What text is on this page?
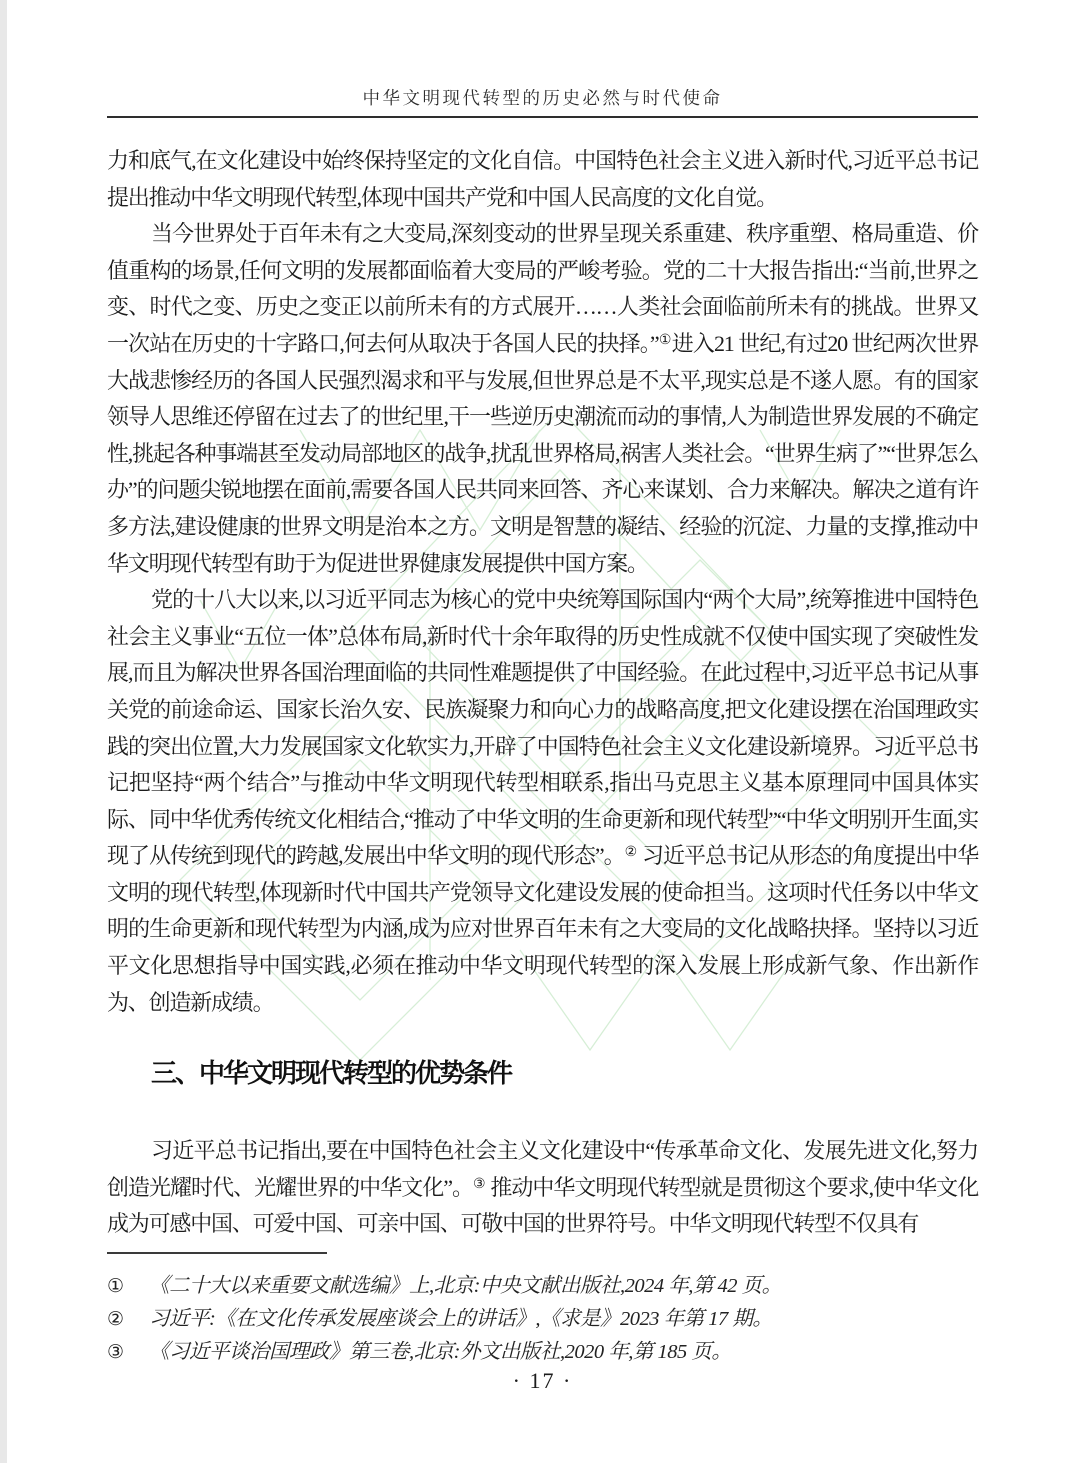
中华文明现代转型的历史必然与时代使命

力和底气,在文化建设中始终保持坚定的文化自信。中国特色社会主义进入新时代,习近平总书记提出推动中华文明现代转型,体现中国共产党和中国人民高度的文化自觉。

当今世界处于百年未有之大变局,深刻变动的世界呈现关系重建、秩序重塑、格局重造、价值重构的场景,任何文明的发展都面临着大变局的严峻考验。党的二十大报告指出:“当前,世界之变、时代之变、历史之变正以前所未有的方式展开……人类社会面临前所未有的挑战。世界又一次站在历史的十字路口,何去何从取决于各国人民的抉择。”①进入21 世纪,有过20 世纪两次世界大战悲惨经历的各国人民强烈渴求和平与发展,但世界总是不太平,现实总是不遂人愿。有的国家领导人思维还停留在过去了的世纪里,干一些逆历史潮流而动的事情,人为制造世界发展的不确定性,挑起各种事端甚至发动局部地区的战争,扰乱世界格局,祸害人类社会。“世界生病了”“世界怎么办”的问题尖锐地摆在面前,需要各国人民共同来回答、齐心来谋划、合力来解决。解决之道有许多方法,建设健康的世界文明是治本之方。文明是智慧的凝结、经验的沉淀、力量的支撑,推动中华文明现代转型有助于为促进世界健康发展提供中国方案。

党的十八大以来,以习近平同志为核心的党中央统筹国际国内“两个大局”,统筹推进中国特色社会主义事业“五位一体”总体布局,新时代十余年取得的历史性成就不仅使中国实现了突破性发展,而且为解决世界各国治理面临的共同性难题提供了中国经验。在此过程中,习近平总书记从事关党的前途命运、国家长治久安、民族凝聚力和向心力的战略高度,把文化建设摆在治国理政实践的突出位置,大力发展国家文化软实力,开辟了中国特色社会主义文化建设新境界。习近平总书记把坚持“两个结合”与推动中华文明现代转型相联系,指出马克思主义基本原理同中国具体实际、同中华优秀传统文化相结合,“推动了中华文明的生命更新和现代转型”“中华文明别开生面,实现了从传统到现代的跨越,发展出中华文明的现代形态”。② 习近平总书记从形态的角度提出中华文明的现代转型,体现新时代中国共产党领导文化建设发展的使命担当。这项时代任务以中华文明的生命更新和现代转型为内涵,成为应对世界百年未有之大变局的文化战略抉择。坚持以习近平文化思想指导中国实践,必须在推动中华文明现代转型的深入发展上形成新气象、作出新作为、创造新成绩。

三、中华文明现代转型的优势条件

习近平总书记指出,要在中国特色社会主义文化建设中“传承革命文化、发展先进文化,努力创造光耀时代、光耀世界的中华文化”。③ 推动中华文明现代转型就是贯彻这个要求,使中华文化成为可感中国、可爱中国、可亲中国、可敬中国的世界符号。中华文明现代转型不仅具有

① 《二十大以来重要文献选编》上,北京:中央文献出版社,2024 年,第 42 页。
② 习近平:《在文化传承发展座谈会上的讲话》,《求是》2023 年第 17 期。
③ 《习近平谈治国理政》第三卷,北京:外文出版社,2020 年,第 185 页。
· 17 ·
